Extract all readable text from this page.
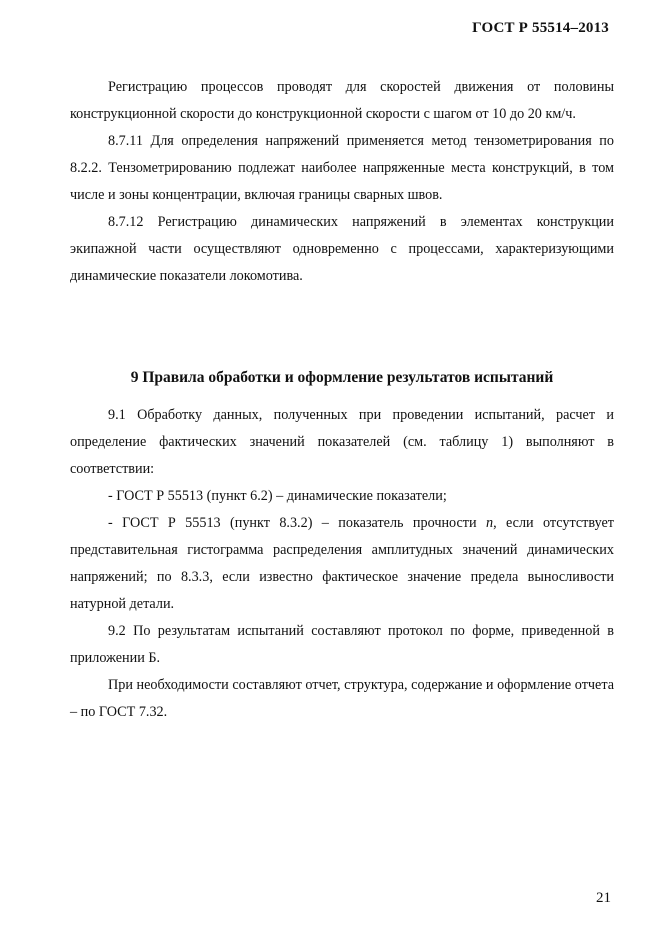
ГОСТ Р 55514–2013

Регистрацию процессов проводят для скоростей движения от половины конструкционной скорости до конструкционной скорости с шагом от 10 до 20 км/ч.

8.7.11 Для определения напряжений применяется метод тензометрирования по 8.2.2. Тензометрированию подлежат наиболее напряженные места конструкций, в том числе и зоны концентрации, включая границы сварных швов.

8.7.12 Регистрацию динамических напряжений в элементах конструкции экипажной части осуществляют одновременно с процессами, характеризующими динамические показатели локомотива.

9 Правила обработки и оформление результатов испытаний

9.1 Обработку данных, полученных при проведении испытаний, расчет и определение фактических значений показателей (см. таблицу 1) выполняют в соответствии:

- ГОСТ Р 55513 (пункт 6.2) – динамические показатели;

- ГОСТ Р 55513 (пункт 8.3.2) – показатель прочности n, если отсутствует представительная гистограмма распределения амплитудных значений динамических напряжений; по 8.3.3, если известно фактическое значение предела выносливости натурной детали.

9.2 По результатам испытаний составляют протокол по форме, приведенной в приложении Б.

При необходимости составляют отчет, структура, содержание и оформление отчета – по ГОСТ 7.32.

21
